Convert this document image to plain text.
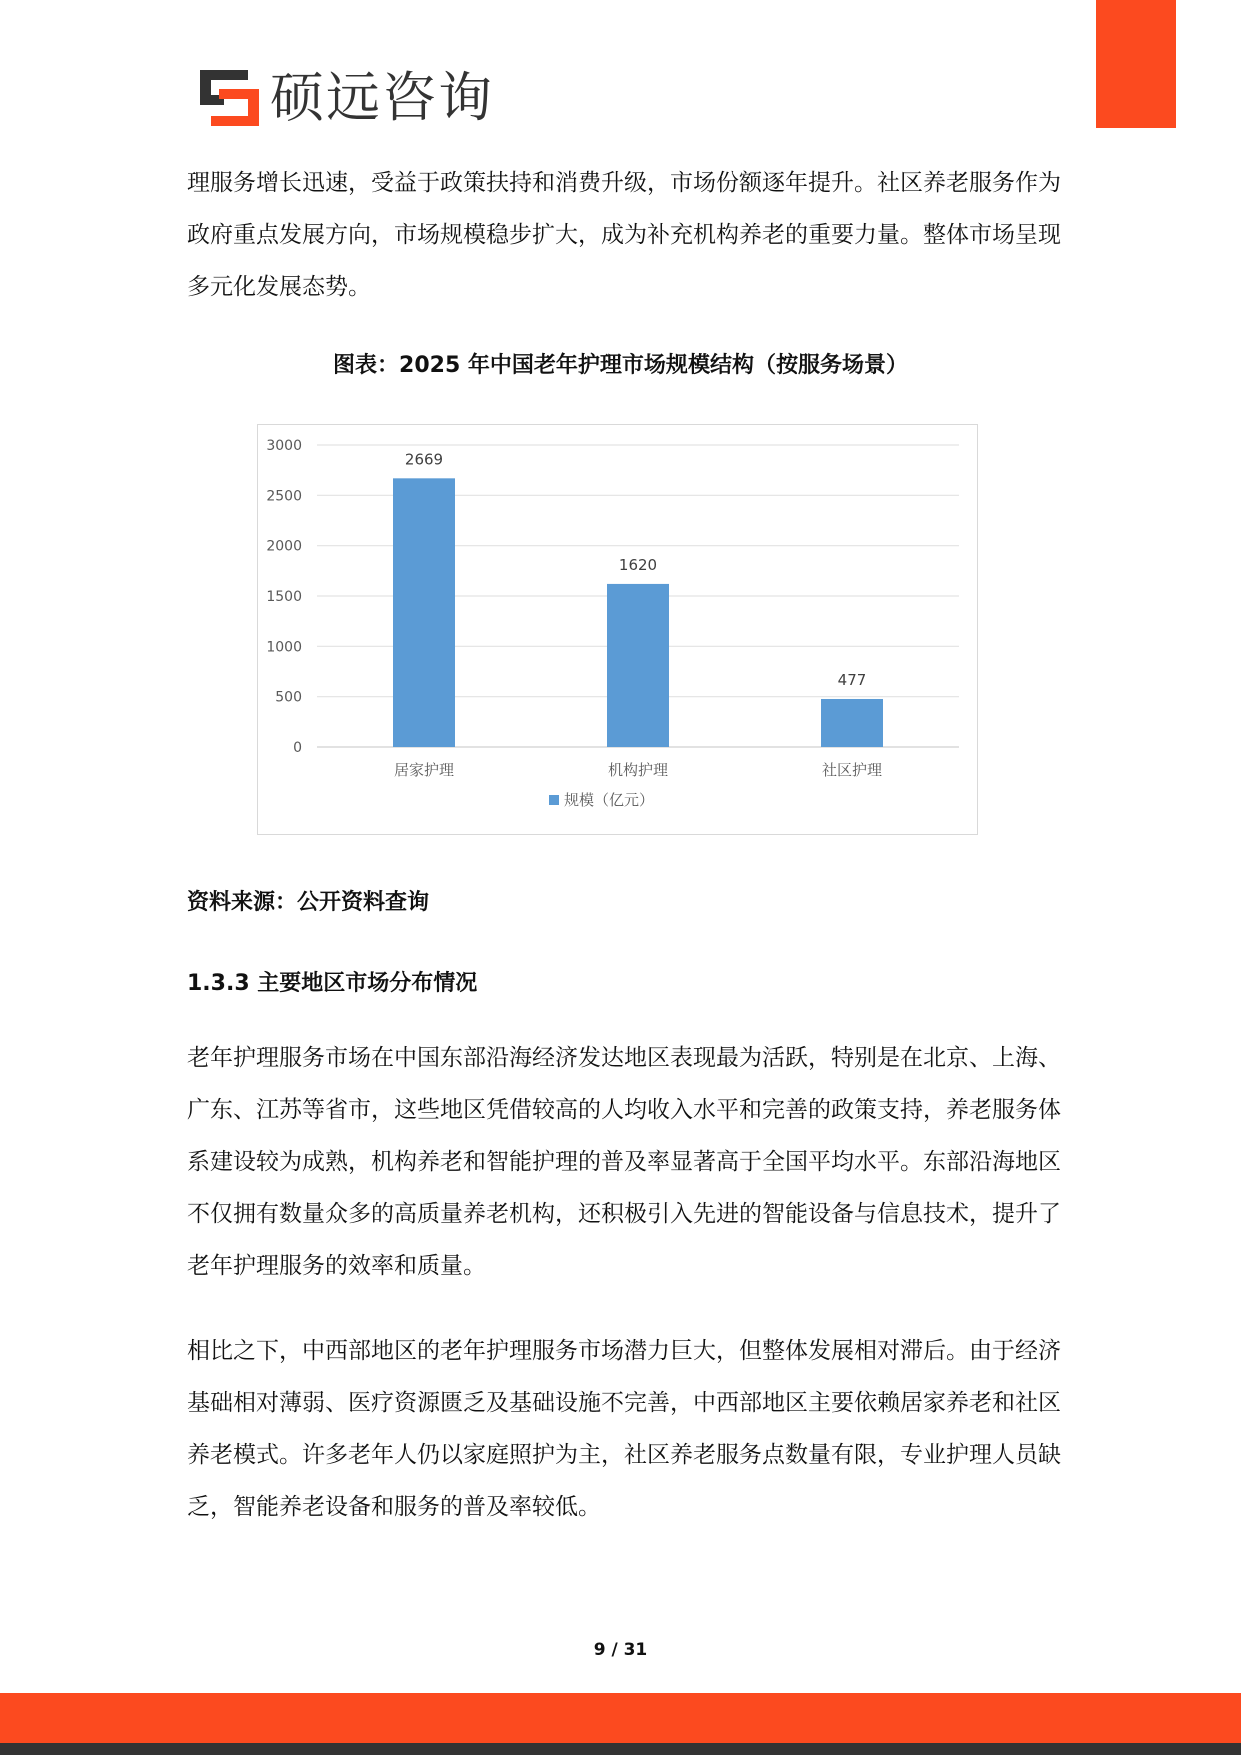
硕远咨询

理服务增长迅速，受益于政策扶持和消费升级，市场份额逐年提升。社区养老服务作为政府重点发展方向，市场规模稳步扩大，成为补充机构养老的重要力量。整体市场呈现多元化发展态势。

图表：2025 年中国老年护理市场规模结构（按服务场景）
0
500
1000
1500
2000
2500
3000
2669
居家护理
1620
机构护理
477
社区护理
规模（亿元）
资料来源：公开资料查询
1.3.3 主要地区市场分布情况

老年护理服务市场在中国东部沿海经济发达地区表现最为活跃，特别是在北京、上海、广东、江苏等省市，这些地区凭借较高的人均收入水平和完善的政策支持，养老服务体系建设较为成熟，机构养老和智能护理的普及率显著高于全国平均水平。东部沿海地区不仅拥有数量众多的高质量养老机构，还积极引入先进的智能设备与信息技术，提升了老年护理服务的效率和质量。

相比之下，中西部地区的老年护理服务市场潜力巨大，但整体发展相对滞后。由于经济基础相对薄弱、医疗资源匮乏及基础设施不完善，中西部地区主要依赖居家养老和社区养老模式。许多老年人仍以家庭照护为主，社区养老服务点数量有限，专业护理人员缺乏，智能养老设备和服务的普及率较低。

9 / 31
